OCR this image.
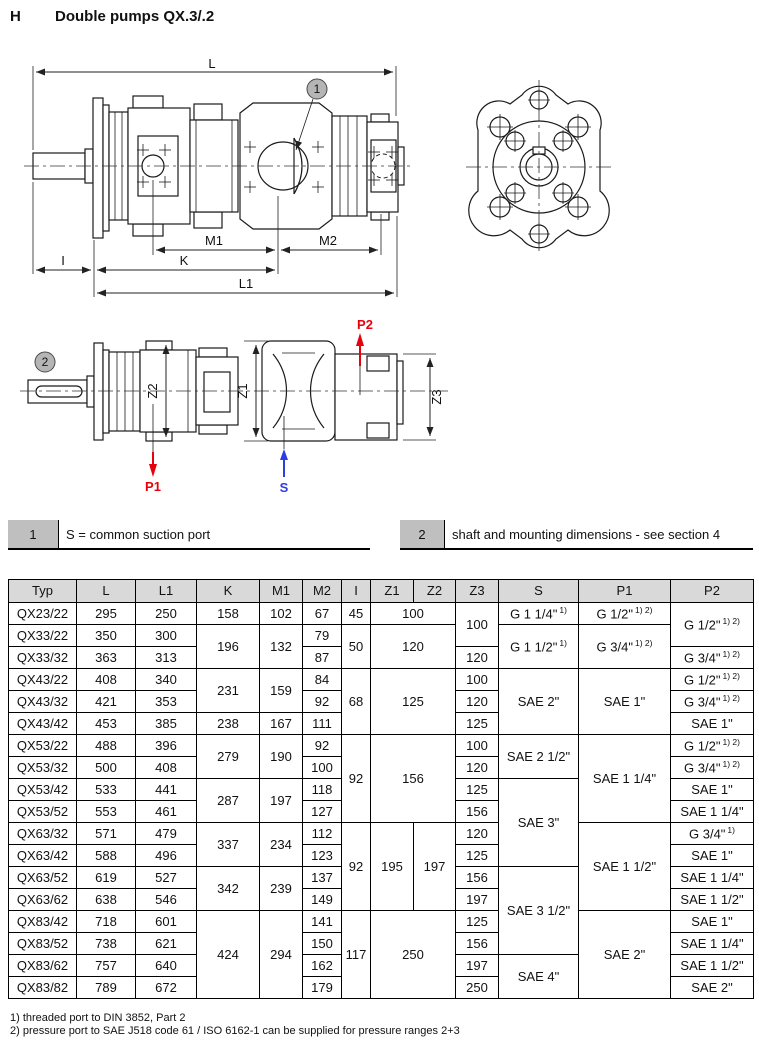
H Double pumps QX.3/.2
1
L
M1	M2
I	K
L1
2
Z2	Z1	Z3
P2
P1	S
1	S = common suction port	2	shaft and mounting dimensions - see section 4
Typ	L	L1	K	M1	M2	I	Z1	Z2	Z3	S	P1	P2
QX23/22	295	250	158	102	67	45	100		100	G 1 1/4" $^{1)}$	G 1/2" $^{1) 2)}$	G 1/2" $^{1) 2)}$
QX33/22	350	300	196	132	79	50	120			G 1 1/2" $^{1)}$	G 3/4" $^{1) 2)}$
QX33/32	363	313			87				120			G 3/4" $^{1) 2)}$
QX43/22	408	340	231	159	84	68	125		100	SAE 2"	SAE 1"	G 1/2" $^{1) 2)}$
QX43/32	421	353			92				120			G 3/4" $^{1) 2)}$
QX43/42	453	385	238	167	111				125			SAE 1"
QX53/22	488	396	279	190	92	92	156		100	SAE 2 1/2"	SAE 1 1/4"	G 1/2" $^{1) 2)}$
QX53/32	500	408			100				120			G 3/4" $^{1) 2)}$
QX53/42	533	441	287	197	118				125	SAE 3"		SAE 1"
QX53/52	553	461			127				156			SAE 1 1/4"
QX63/32	571	479	337	234	112	92	195	197	120		SAE 1 1/2"	G 3/4" $^{1)}$
QX63/42	588	496			123				125			SAE 1"
QX63/52	619	527	342	239	137				156	SAE 3 1/2"		SAE 1 1/4"
QX63/62	638	546			149				197			SAE 1 1/2"
QX83/42	718	601	424	294	141	117	250		125		SAE 2"	SAE 1"
QX83/52	738	621			150				156			SAE 1 1/4"
QX83/62	757	640			162				197	SAE 4"		SAE 1 1/2"
QX83/82	789	672			179				250			SAE 2"
1) threaded port to DIN 3852, Part 2
2) pressure port to SAE J518 code 61 / ISO 6162-1 can be supplied for pressure ranges 2+3
